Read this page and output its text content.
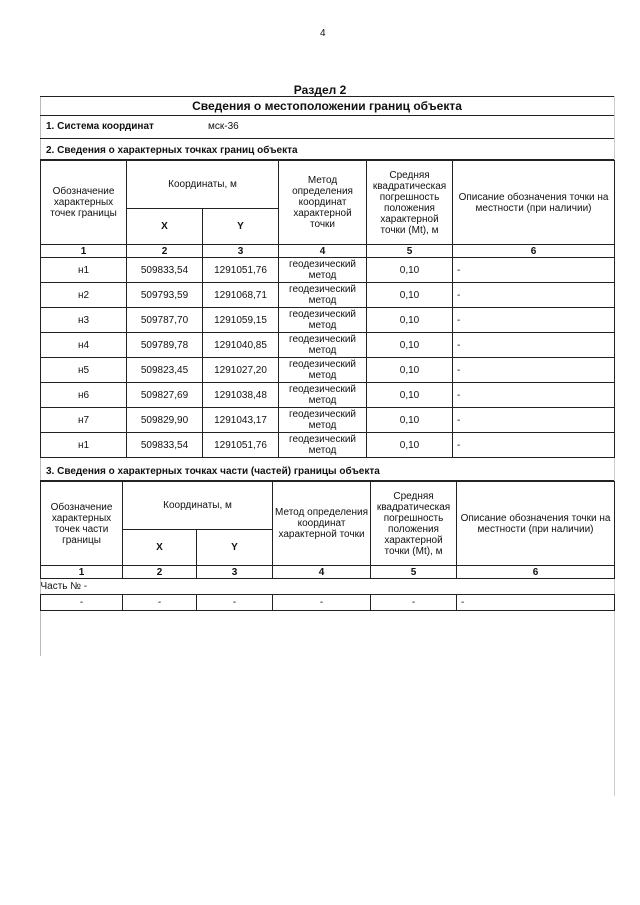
4
Раздел 2
Сведения о местоположении границ объекта
1. Система координат	мск-36
2. Сведения о характерных точках границ объекта
Обозначение характерных точек границы	Координаты, м		Метод определения координат характерной точки	Средняя квадратическая погрешность положения характерной точки (Mt), м	Описание обозначения точки на местности (при наличии)
	X	Y			
1	2	3	4	5	6
н1	509833,54	1291051,76	геодезический метод	0,10	-
н2	509793,59	1291068,71	геодезический метод	0,10	-
н3	509787,70	1291059,15	геодезический метод	0,10	-
н4	509789,78	1291040,85	геодезический метод	0,10	-
н5	509823,45	1291027,20	геодезический метод	0,10	-
н6	509827,69	1291038,48	геодезический метод	0,10	-
н7	509829,90	1291043,17	геодезический метод	0,10	-
н1	509833,54	1291051,76	геодезический метод	0,10	-
3. Сведения о характерных точках части (частей) границы объекта
Обозначение характерных точек части границы	Координаты, м		Метод определения координат характерной точки	Средняя квадратическая погрешность положения характерной точки (Mt), м	Описание обозначения точки на местности (при наличии)
	X	Y			
1	2	3	4	5	6
Часть № -					
-	-	-	-	-	-
